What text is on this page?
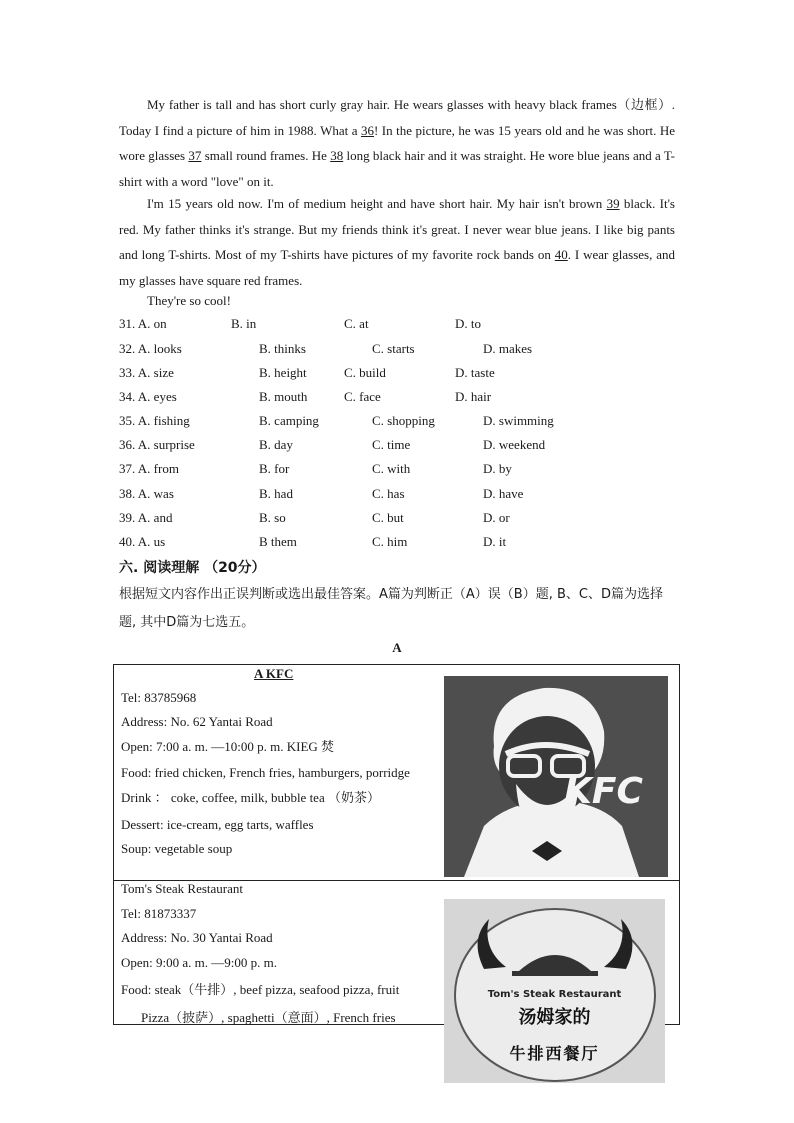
My father is tall and has short curly gray hair. He wears glasses with heavy black frames（边框）. Today I find a picture of him in 1988. What a 36! In the picture, he was 15 years old and he was short. He wore glasses 37 small round frames. He 38 long black hair and it was straight. He wore blue jeans and a T-shirt with a word "love" on it.
I'm 15 years old now. I'm of medium height and have short hair. My hair isn't brown 39 black. It's red. My father thinks it's strange. But my friends think it's great. I never wear blue jeans. I like big pants and long T-shirts. Most of my T-shirts have pictures of my favorite rock bands on 40. I wear glasses, and my glasses have square red frames.
They're so cool!
31. A. on	B. in	C. at	D. to
32. A. looks	B. thinks	C. starts	D. makes
33. A. size	B. height	C. build	D. taste
34. A. eyes	B. mouth	C. face	D. hair
35. A. fishing	B. camping	C. shopping	D. swimming
36. A. surprise	B. day	C. time	D. weekend
37. A. from	B. for	C. with	D. by
38. A. was	B. had	C. has	D. have
39. A. and	B. so	C. but	D. or
40. A. us	B them	C. him	D. it
六. 阅读理解 （20分）
根据短文内容作出正误判断或选出最佳答案。A篇为判断正（A）误（B）题, B、C、D篇为选择题, 其中D篇为七选五。
A
A KFC
Tel: 83785968
Address: No. 62 Yantai Road
Open: 7:00 a. m. —10:00 p. m. KIEG 焚
Food: fried chicken, French fries, hamburgers, porridge
Drink ： coke, coffee, milk, bubble tea （奶茶）
Dessert: ice-cream, egg tarts, waffles
Soup: vegetable soup
Tom's Steak Restaurant
Tel: 81873337
Address: No. 30 Yantai Road
Open: 9:00 a. m. —9:00 p. m.
Food: steak（牛排）, beef pizza, seafood pizza, fruit
Pizza（披萨）, spaghetti（意面）, French fries
KFC
Tom's Steak Restaurant
汤姆家的
牛排西餐厅
